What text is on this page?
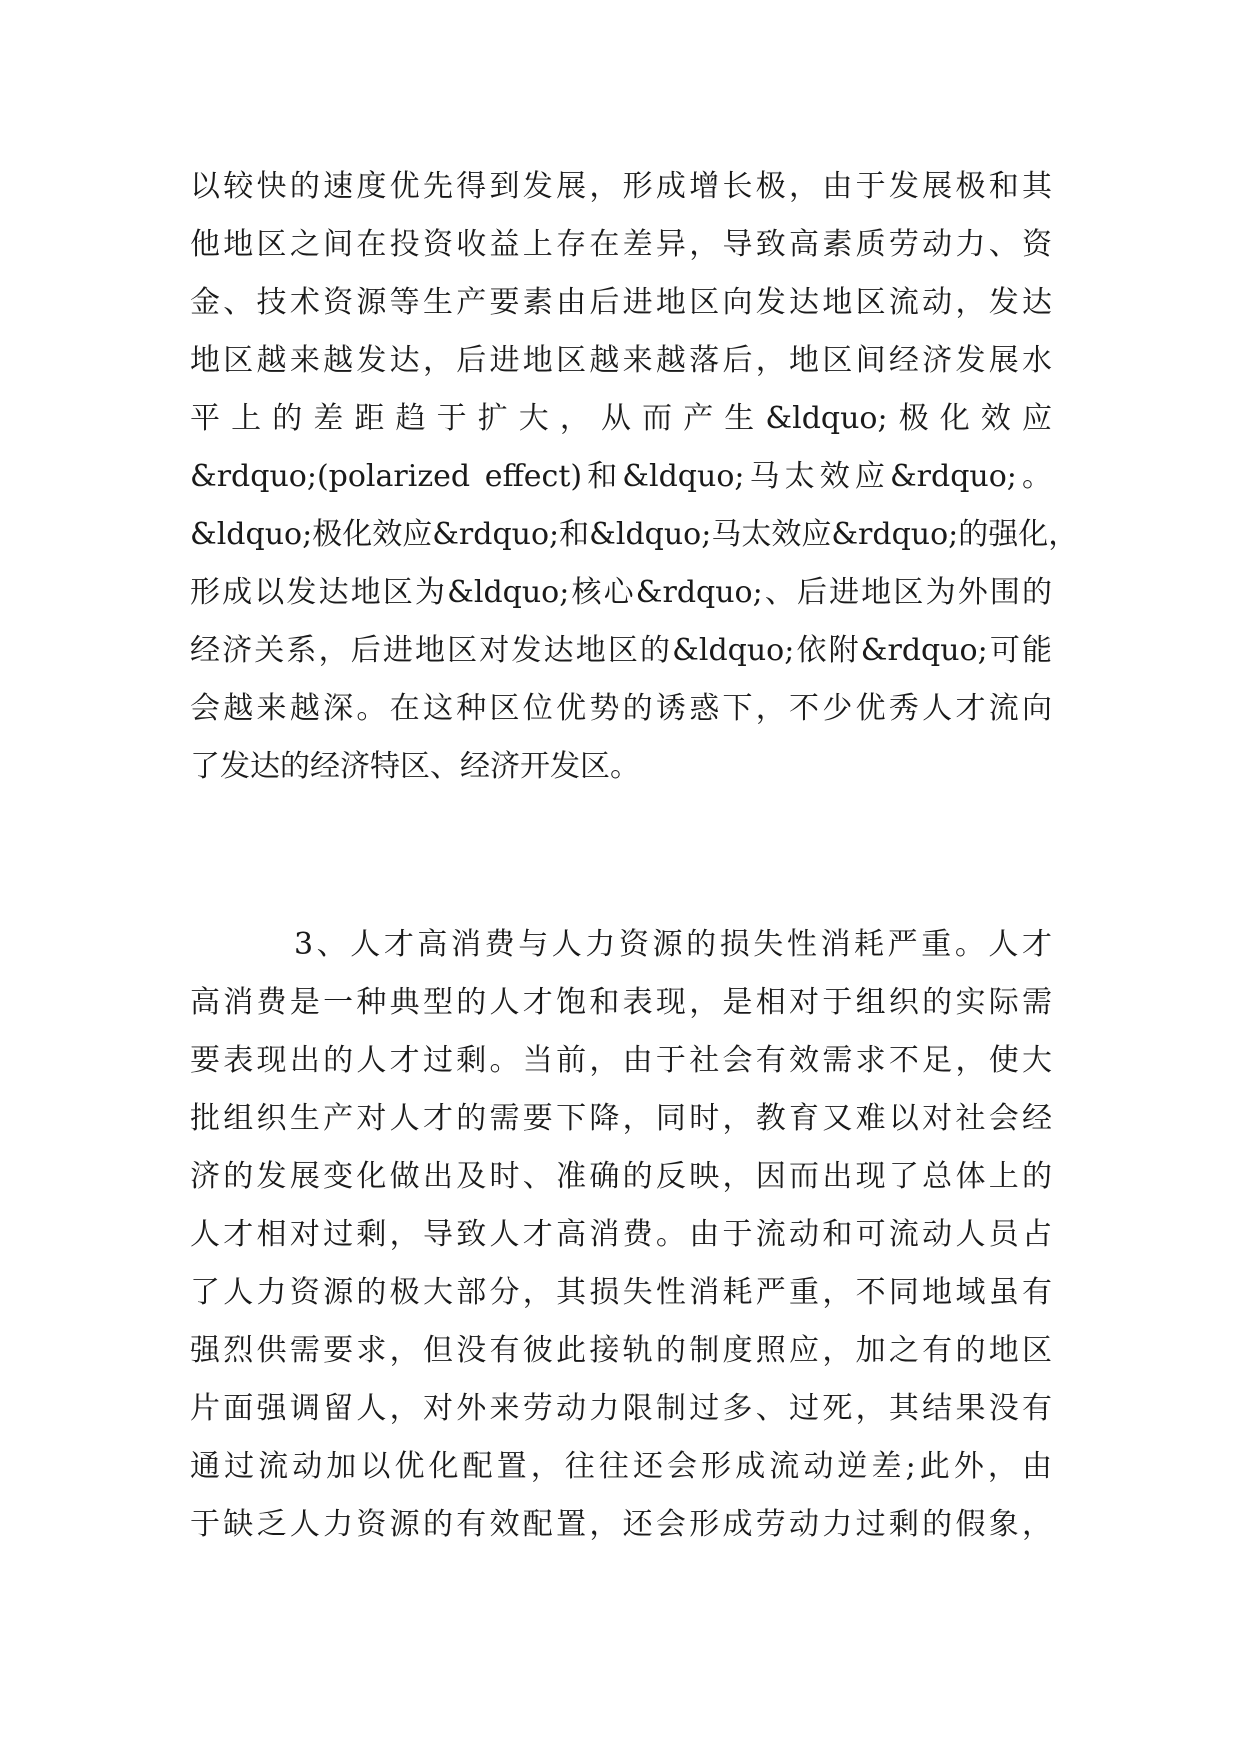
以较快的速度优先得到发展，形成增长极，由于发展极和其
他地区之间在投资收益上存在差异，导致高素质劳动力、资
金、技术资源等生产要素由后进地区向发达地区流动，发达
地区越来越发达，后进地区越来越落后，地区间经济发展水
平上的差距趋于扩大，从而产生&ldquo;极化效应
&rdquo;(polarized effect)和&ldquo;马太效应&rdquo;。
&ldquo;极化效应&rdquo;和&ldquo;马太效应&rdquo;的强化，
形成以发达地区为&ldquo;核心&rdquo;、后进地区为外围的
经济关系，后进地区对发达地区的&ldquo;依附&rdquo;可能
会越来越深。在这种区位优势的诱惑下，不少优秀人才流向
了发达的经济特区、经济开发区。
3、人才高消费与人力资源的损失性消耗严重。人才
高消费是一种典型的人才饱和表现，是相对于组织的实际需
要表现出的人才过剩。当前，由于社会有效需求不足，使大
批组织生产对人才的需要下降，同时，教育又难以对社会经
济的发展变化做出及时、准确的反映，因而出现了总体上的
人才相对过剩，导致人才高消费。由于流动和可流动人员占
了人力资源的极大部分，其损失性消耗严重，不同地域虽有
强烈供需要求，但没有彼此接轨的制度照应，加之有的地区
片面强调留人，对外来劳动力限制过多、过死，其结果没有
通过流动加以优化配置，往往还会形成流动逆差;此外，由
于缺乏人力资源的有效配置，还会形成劳动力过剩的假象，
